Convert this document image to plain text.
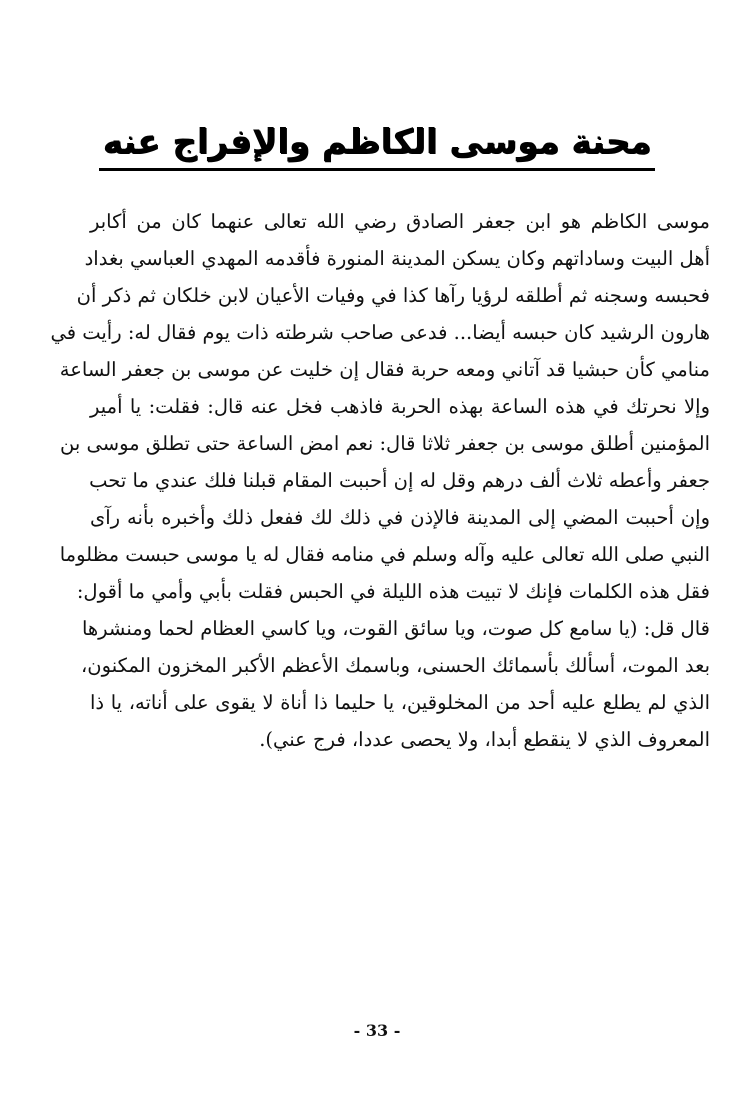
محنة موسى الكاظم والإفراج عنه

موسى الكاظم هو ابن جعفر الصادق رضي الله تعالى عنهما كان من أكابر
أهل البيت وساداتهم وكان يسكن المدينة المنورة فأقدمه المهدي العباسي بغداد
فحبسه وسجنه ثم أطلقه لرؤيا رآها كذا في وفيات الأعيان لابن خلكان ثم ذكر أن
هارون الرشيد كان حبسه أيضا... فدعى صاحب شرطته ذات يوم فقال له: رأيت في
منامي كأن حبشيا قد آتاني ومعه حربة فقال إن خليت عن موسى بن جعفر الساعة
وإلا نحرتك في هذه الساعة بهذه الحربة فاذهب فخل عنه قال: فقلت: يا أمير
المؤمنين أطلق موسى بن جعفر ثلاثا قال: نعم امض الساعة حتى تطلق موسى بن
جعفر وأعطه ثلاث ألف درهم وقل له إن أحببت المقام قبلنا فلك عندي ما تحب
وإن أحببت المضي إلى المدينة فالإذن في ذلك لك ففعل ذلك وأخبره بأنه رآى
النبي صلى الله تعالى عليه وآله وسلم في منامه فقال له يا موسى حبست مظلوما
فقل هذه الكلمات فإنك لا تبيت هذه الليلة في الحبس فقلت بأبي وأمي ما أقول:
قال قل: (يا سامع كل صوت، ويا سائق القوت، ويا كاسي العظام لحما ومنشرها
بعد الموت، أسألك بأسمائك الحسنى، وباسمك الأعظم الأكبر المخزون المكنون،
الذي لم يطلع عليه أحد من المخلوقين، يا حليما ذا أناة لا يقوى على أناته، يا ذا
المعروف الذي لا ينقطع أبدا، ولا يحصى عددا، فرج عني).

- 33 -
